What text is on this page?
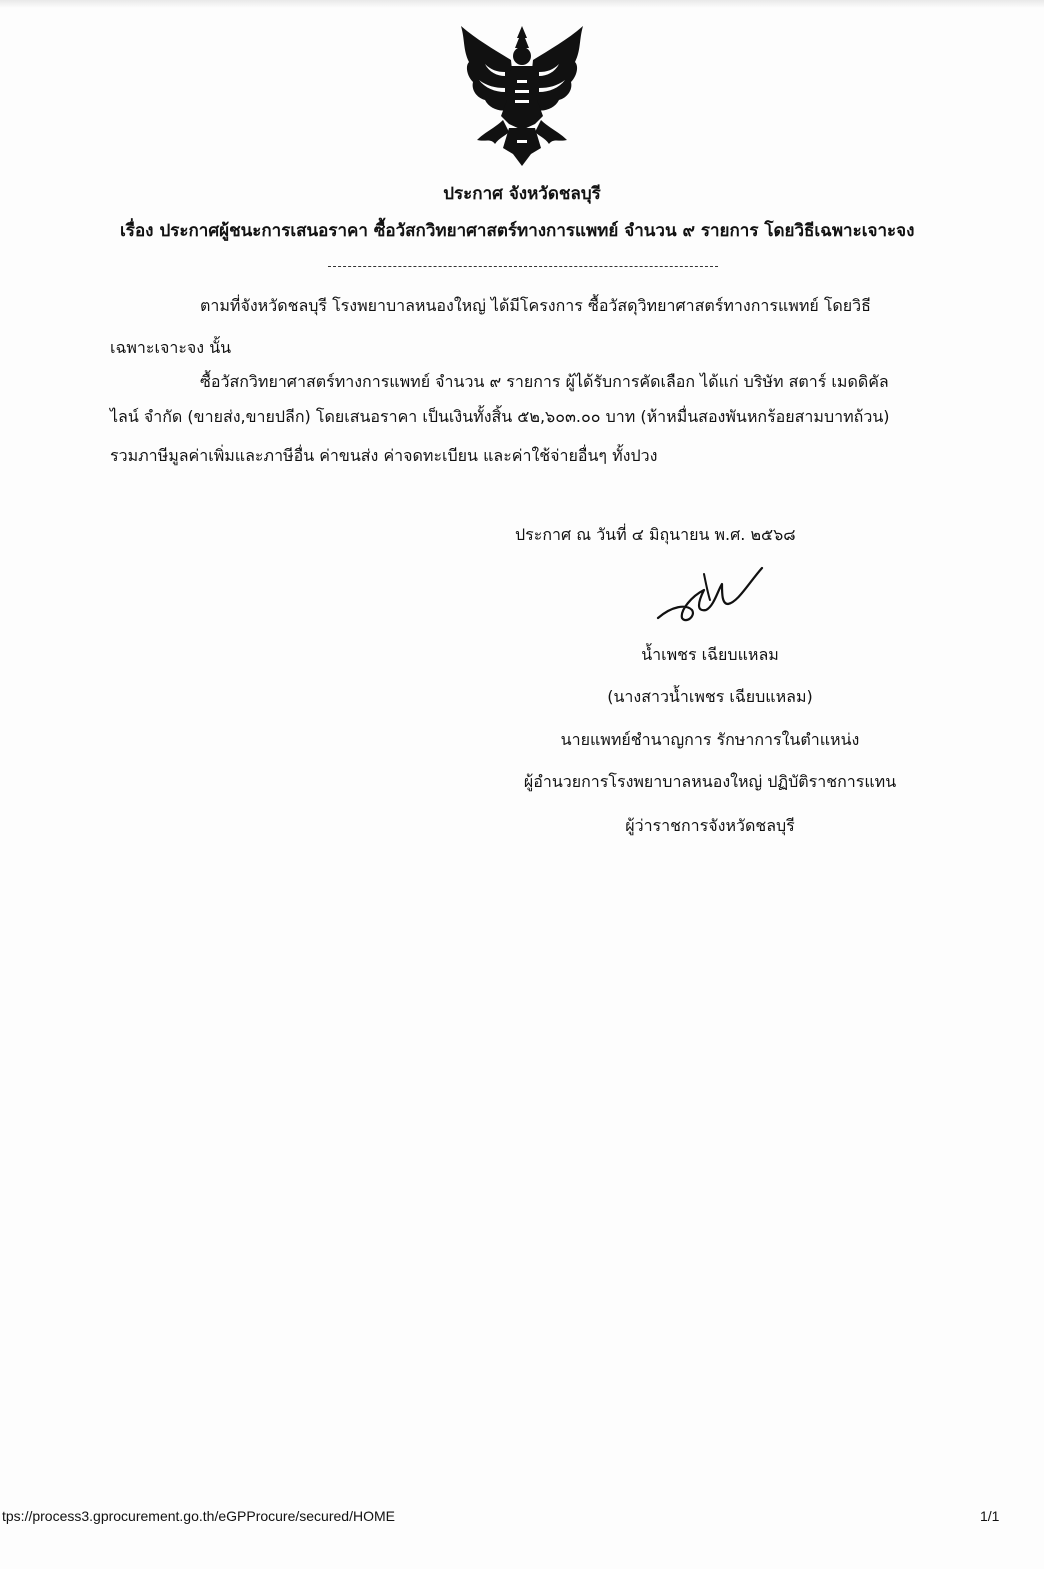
ประกาศ จังหวัดชลบุรี
เรื่อง ประกาศผู้ชนะการเสนอราคา ซื้อวัสกวิทยาศาสตร์ทางการแพทย์ จำนวน ๙ รายการ โดยวิธีเฉพาะเจาะจง
ตามที่จังหวัดชลบุรี โรงพยาบาลหนองใหญ่ ได้มีโครงการ ซื้อวัสดุวิทยาศาสตร์ทางการแพทย์ โดยวิธี
เฉพาะเจาะจง นั้น
ซื้อวัสกวิทยาศาสตร์ทางการแพทย์ จำนวน ๙ รายการ ผู้ได้รับการคัดเลือก ได้แก่ บริษัท สตาร์ เมดดิคัล
ไลน์ จำกัด (ขายส่ง,ขายปลีก) โดยเสนอราคา เป็นเงินทั้งสิ้น ๕๒,๖๐๓.๐๐ บาท (ห้าหมื่นสองพันหกร้อยสามบาทถ้วน)
รวมภาษีมูลค่าเพิ่มและภาษีอื่น ค่าขนส่ง ค่าจดทะเบียน และค่าใช้จ่ายอื่นๆ ทั้งปวง
ประกาศ ณ วันที่ ๔ มิถุนายน พ.ศ. ๒๕๖๘
น้ำเพชร เฉียบแหลม
(นางสาวน้ำเพชร เฉียบแหลม)
นายแพทย์ชำนาญการ รักษาการในตำแหน่ง
ผู้อำนวยการโรงพยาบาลหนองใหญ่ ปฏิบัติราชการแทน
ผู้ว่าราชการจังหวัดชลบุรี
tps://process3.gprocurement.go.th/eGPProcure/secured/HOME	1/1
